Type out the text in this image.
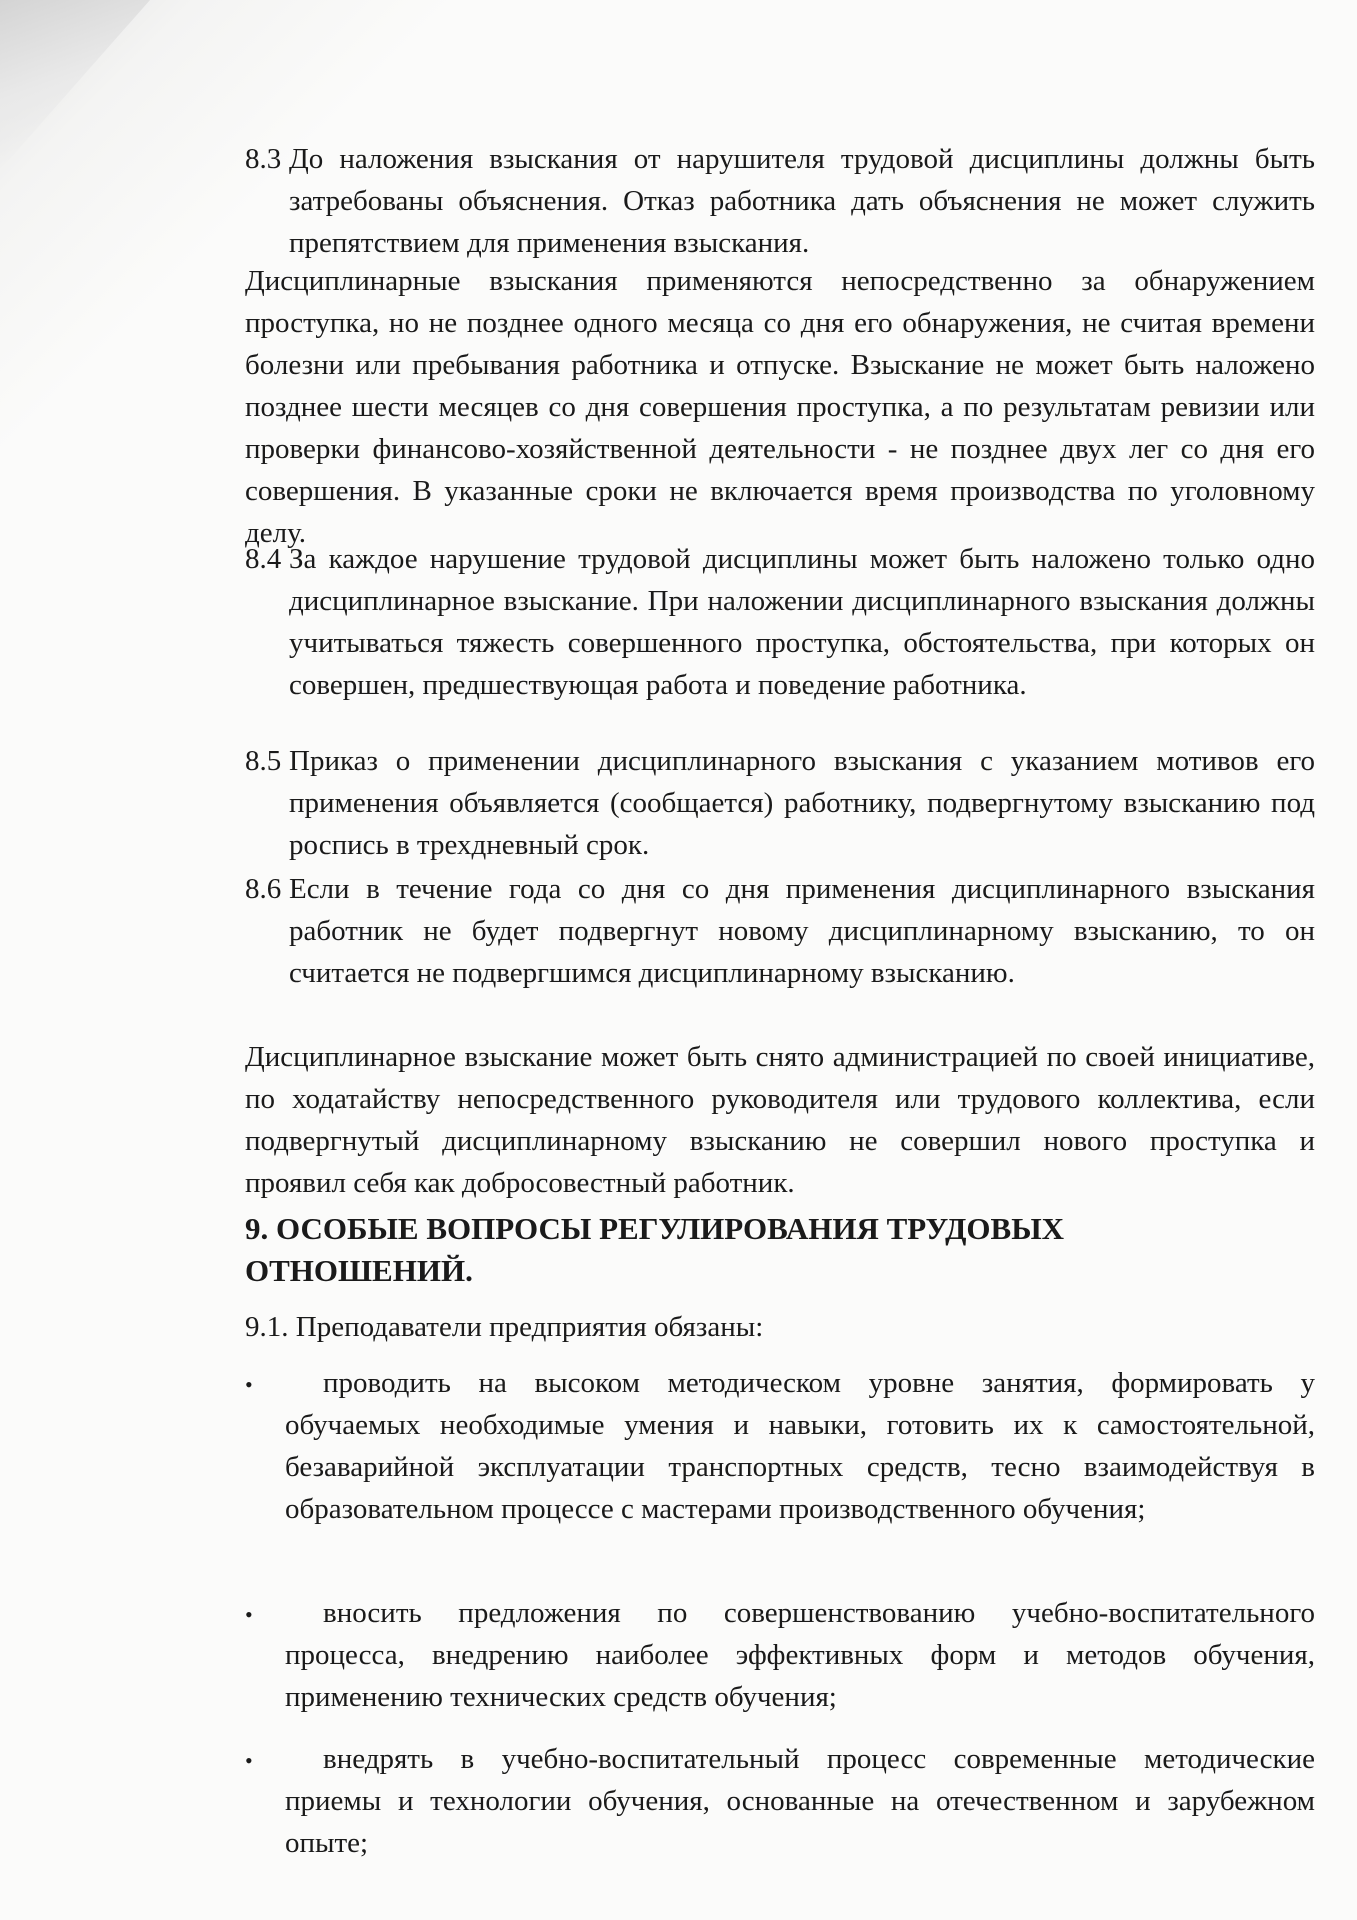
8.3 До наложения взыскания от нарушителя трудовой дисциплины должны быть затребованы объяснения. Отказ работника дать объяснения не может служить препятствием для применения взыскания.
Дисциплинарные взыскания применяются непосредственно за обнаружением проступка, но не позднее одного месяца со дня его обнаружения, не считая времени болезни или пребывания работника и отпуске. Взыскание не может быть наложено позднее шести месяцев со дня совершения проступка, а по результатам ревизии или проверки финансово-хозяйственной деятельности - не позднее двух лег со дня его совершения. В указанные сроки не включается время производства по уголовному делу.
8.4 За каждое нарушение трудовой дисциплины может быть наложено только одно дисциплинарное взыскание. При наложении дисциплинарного взыскания должны учитываться тяжесть совершенного проступка, обстоятельства, при которых он совершен, предшествующая работа и поведение работника.
8.5 Приказ о применении дисциплинарного взыскания с указанием мотивов его применения объявляется (сообщается) работнику, подвергнутому взысканию под роспись в трехдневный срок.
8.6 Если в течение года со дня со дня применения дисциплинарного взыскания работник не будет подвергнут новому дисциплинарному взысканию, то он считается не подвергшимся дисциплинарному взысканию.
Дисциплинарное взыскание может быть снято администрацией по своей инициативе, по ходатайству непосредственного руководителя или трудового коллектива, если подвергнутый дисциплинарному взысканию не совершил нового проступка и проявил себя как добросовестный работник.
9. ОСОБЫЕ ВОПРОСЫ РЕГУЛИРОВАНИЯ ТРУДОВЫХ ОТНОШЕНИЙ.
9.1. Преподаватели предприятия обязаны:
•	проводить на высоком методическом уровне занятия, формировать у обучаемых необходимые умения и навыки, готовить их к самостоятельной, безаварийной эксплуатации транспортных средств, тесно взаимодействуя в образовательном процессе с мастерами производственного обучения;
•	вносить предложения по совершенствованию учебно-воспитательного процесса, внедрению наиболее эффективных форм и методов обучения, применению технических средств обучения;
•	внедрять в учебно-воспитательный процесс современные методические приемы и технологии обучения, основанные на отечественном и зарубежном опыте;
